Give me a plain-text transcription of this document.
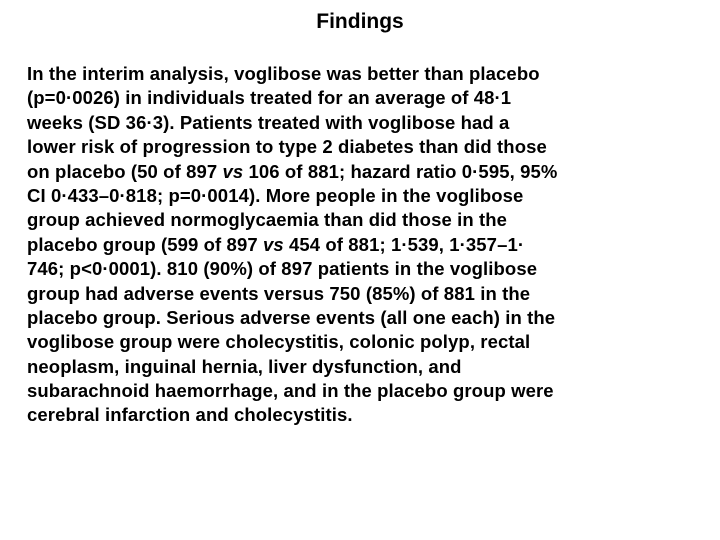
Findings
In the interim analysis, voglibose was better than placebo
(p=0·0026) in individuals treated for an average of 48·1
weeks (SD 36·3). Patients treated with voglibose had a
lower risk of progression to type 2 diabetes than did those
on placebo (50 of 897 vs 106 of 881; hazard ratio 0·595, 95%
CI 0·433–0·818; p=0·0014). More people in the voglibose
group achieved normoglycaemia than did those in the
placebo group (599 of 897 vs 454 of 881; 1·539, 1·357–1·
746; p<0·0001). 810 (90%) of 897 patients in the voglibose
group had adverse events versus 750 (85%) of 881 in the
placebo group. Serious adverse events (all one each) in the
voglibose group were cholecystitis, colonic polyp, rectal
neoplasm, inguinal hernia, liver dysfunction, and
subarachnoid haemorrhage, and in the placebo group were
cerebral infarction and cholecystitis.
